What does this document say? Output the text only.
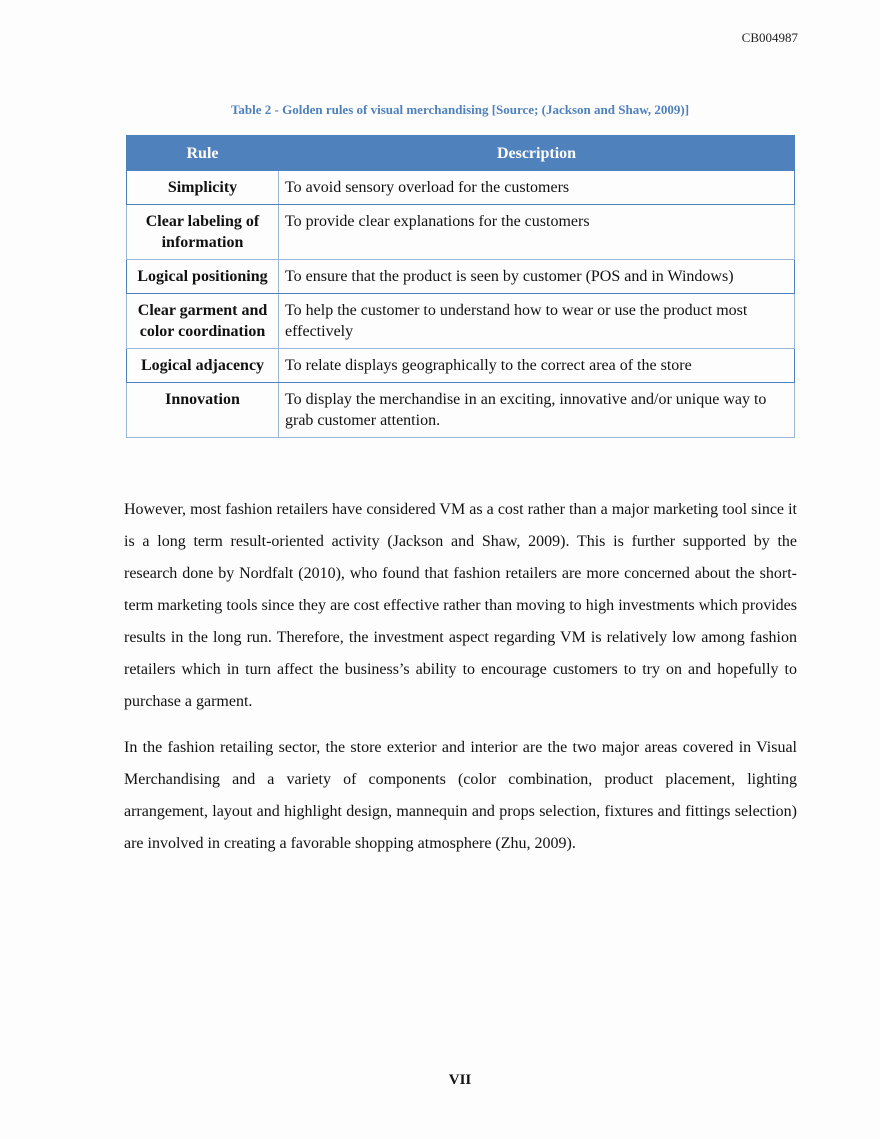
CB004987
Table 2 - Golden rules of visual merchandising [Source; (Jackson and Shaw, 2009)]
Rule	Description
Simplicity	To avoid sensory overload for the customers
Clear labeling of information	To provide clear explanations for the customers
Logical positioning	To ensure that the product is seen by customer (POS and in Windows)
Clear garment and color coordination	To help the customer to understand how to wear or use the product most effectively
Logical adjacency	To relate displays geographically to the correct area of the store
Innovation	To display the merchandise in an exciting, innovative and/or unique way to grab customer attention.

However, most fashion retailers have considered VM as a cost rather than a major marketing tool since it is a long term result-oriented activity (Jackson and Shaw, 2009). This is further supported by the research done by Nordfalt (2010), who found that fashion retailers are more concerned about the short-term marketing tools since they are cost effective rather than moving to high investments which provides results in the long run. Therefore, the investment aspect regarding VM is relatively low among fashion retailers which in turn affect the business’s ability to encourage customers to try on and hopefully to purchase a garment.

In the fashion retailing sector, the store exterior and interior are the two major areas covered in Visual Merchandising and a variety of components (color combination, product placement, lighting arrangement, layout and highlight design, mannequin and props selection, fixtures and fittings selection) are involved in creating a favorable shopping atmosphere (Zhu, 2009).

VII
